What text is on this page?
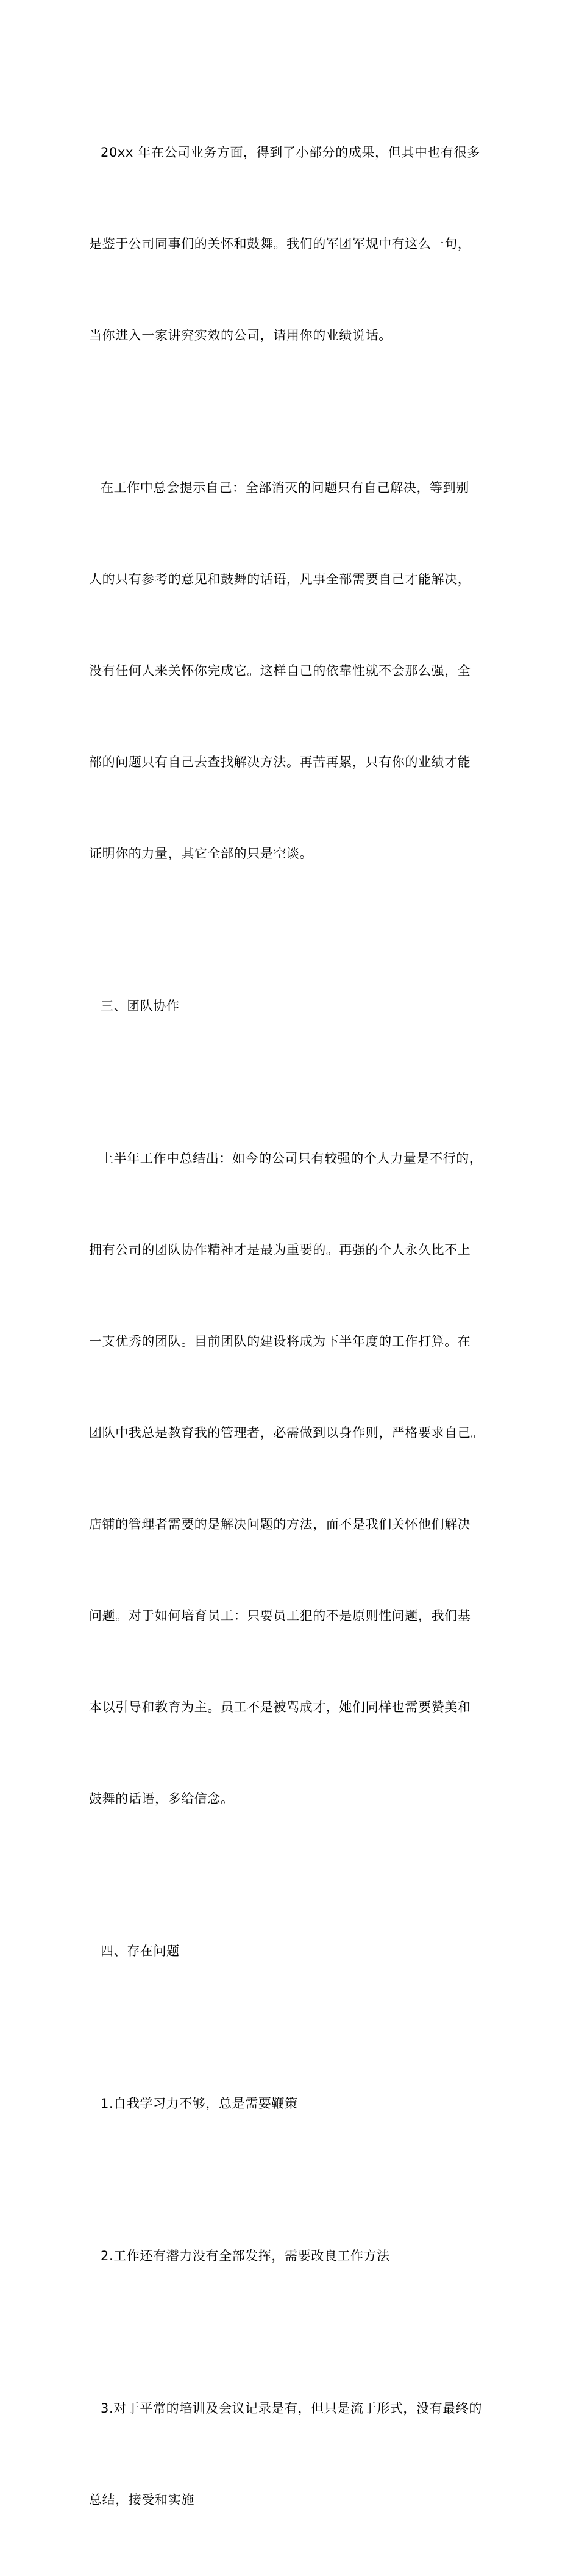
20xx 年在公司业务方面，得到了小部分的成果，但其中也有很多

是鉴于公司同事们的关怀和鼓舞。我们的军团军规中有这么一句，

当你进入一家讲究实效的公司，请用你的业绩说话。

在工作中总会提示自己：全部消灭的问题只有自己解决，等到别

人的只有参考的意见和鼓舞的话语，凡事全部需要自己才能解决，

没有任何人来关怀你完成它。这样自己的依靠性就不会那么强，全

部的问题只有自己去查找解决方法。再苦再累，只有你的业绩才能

证明你的力量，其它全部的只是空谈。

三、团队协作

上半年工作中总结出：如今的公司只有较强的个人力量是不行的，

拥有公司的团队协作精神才是最为重要的。再强的个人永久比不上

一支优秀的团队。目前团队的建设将成为下半年度的工作打算。在

团队中我总是教育我的管理者，必需做到以身作则，严格要求自己。

店铺的管理者需要的是解决问题的方法，而不是我们关怀他们解决

问题。对于如何培育员工：只要员工犯的不是原则性问题，我们基

本以引导和教育为主。员工不是被骂成才，她们同样也需要赞美和

鼓舞的话语，多给信念。

四、存在问题

1.自我学习力不够，总是需要鞭策

2.工作还有潜力没有全部发挥，需要改良工作方法

3.对于平常的培训及会议记录是有，但只是流于形式，没有最终的

总结，接受和实施
